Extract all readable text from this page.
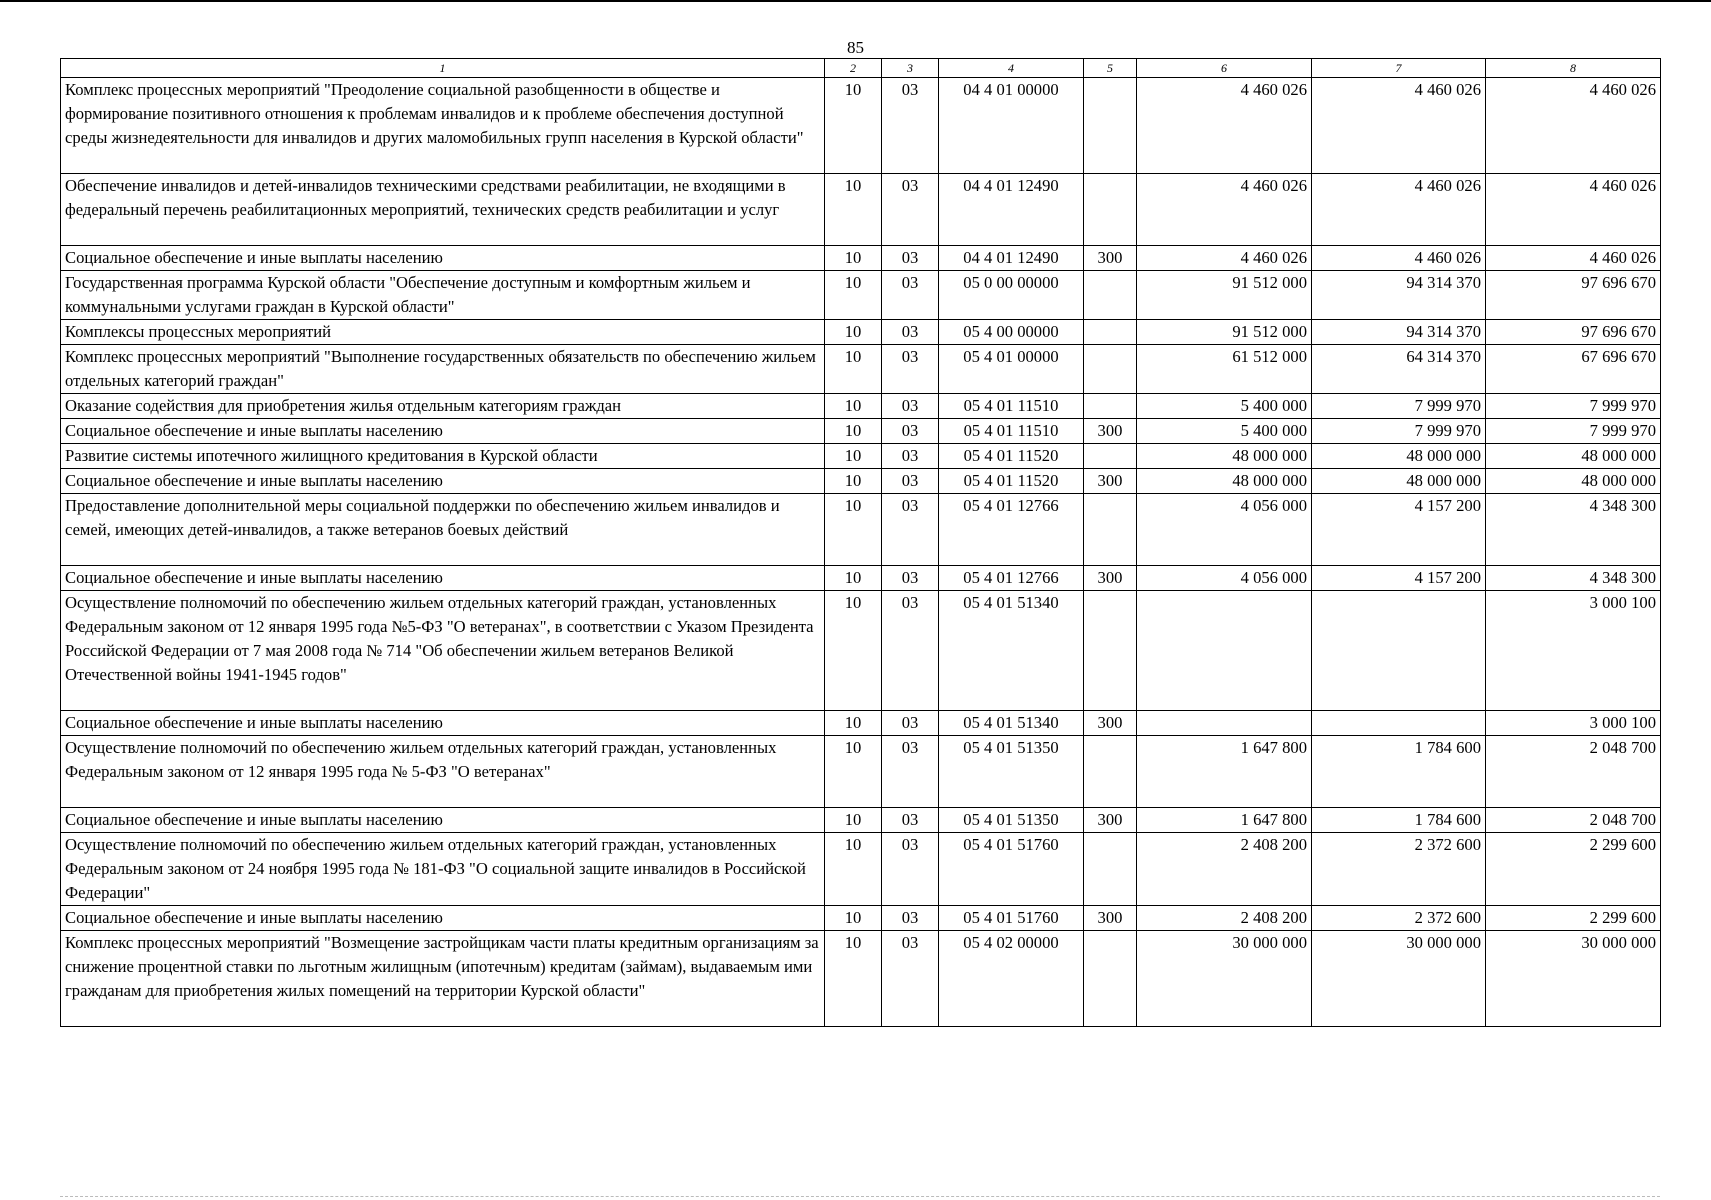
85
1	2	3	4	5	6	7	8
Комплекс процессных мероприятий "Преодоление социальной разобщенности в обществе и формирование позитивного отношения к проблемам инвалидов и к проблеме обеспечения доступной среды жизнедеятельности для инвалидов и других маломобильных групп населения в Курской области"	10	03	04 4 01 00000		4 460 026	4 460 026	4 460 026
Обеспечение инвалидов и детей-инвалидов техническими средствами реабилитации, не входящими в федеральный перечень реабилитационных мероприятий, технических средств реабилитации и услуг	10	03	04 4 01 12490		4 460 026	4 460 026	4 460 026
Социальное обеспечение и иные выплаты населению	10	03	04 4 01 12490	300	4 460 026	4 460 026	4 460 026
Государственная программа Курской области "Обеспечение доступным и комфортным жильем и коммунальными услугами граждан в Курской области"	10	03	05 0 00 00000		91 512 000	94 314 370	97 696 670
Комплексы процессных мероприятий	10	03	05 4 00 00000		91 512 000	94 314 370	97 696 670
Комплекс процессных мероприятий "Выполнение государственных обязательств по обеспечению жильем отдельных категорий граждан"	10	03	05 4 01 00000		61 512 000	64 314 370	67 696 670
Оказание содействия для приобретения жилья отдельным категориям граждан	10	03	05 4 01 11510		5 400 000	7 999 970	7 999 970
Социальное обеспечение и иные выплаты населению	10	03	05 4 01 11510	300	5 400 000	7 999 970	7 999 970
Развитие системы ипотечного жилищного кредитования в Курской области	10	03	05 4 01 11520		48 000 000	48 000 000	48 000 000
Социальное обеспечение и иные выплаты населению	10	03	05 4 01 11520	300	48 000 000	48 000 000	48 000 000
Предоставление дополнительной меры социальной поддержки по обеспечению жильем инвалидов и семей, имеющих детей-инвалидов, а также ветеранов боевых действий	10	03	05 4 01 12766		4 056 000	4 157 200	4 348 300
Социальное обеспечение и иные выплаты населению	10	03	05 4 01 12766	300	4 056 000	4 157 200	4 348 300
Осуществление полномочий по обеспечению жильем отдельных категорий граждан, установленных Федеральным законом от 12 января 1995 года №5-ФЗ "О ветеранах", в соответствии с Указом Президента Российской Федерации от 7 мая 2008 года № 714 "Об обеспечении жильем ветеранов Великой Отечественной войны 1941-1945 годов"	10	03	05 4 01 51340				3 000 100
Социальное обеспечение и иные выплаты населению	10	03	05 4 01 51340	300			3 000 100
Осуществление полномочий по обеспечению жильем отдельных категорий граждан, установленных Федеральным законом от 12 января 1995 года № 5-ФЗ "О ветеранах"	10	03	05 4 01 51350		1 647 800	1 784 600	2 048 700
Социальное обеспечение и иные выплаты населению	10	03	05 4 01 51350	300	1 647 800	1 784 600	2 048 700
Осуществление полномочий по обеспечению жильем отдельных категорий граждан, установленных Федеральным законом от 24 ноября 1995 года № 181-ФЗ "О социальной защите инвалидов в Российской Федерации"	10	03	05 4 01 51760		2 408 200	2 372 600	2 299 600
Социальное обеспечение и иные выплаты населению	10	03	05 4 01 51760	300	2 408 200	2 372 600	2 299 600
Комплекс процессных мероприятий "Возмещение застройщикам части платы кредитным организациям за снижение процентной ставки по льготным жилищным (ипотечным) кредитам (займам), выдаваемым ими гражданам для приобретения жилых помещений на территории Курской области"	10	03	05 4 02 00000		30 000 000	30 000 000	30 000 000
